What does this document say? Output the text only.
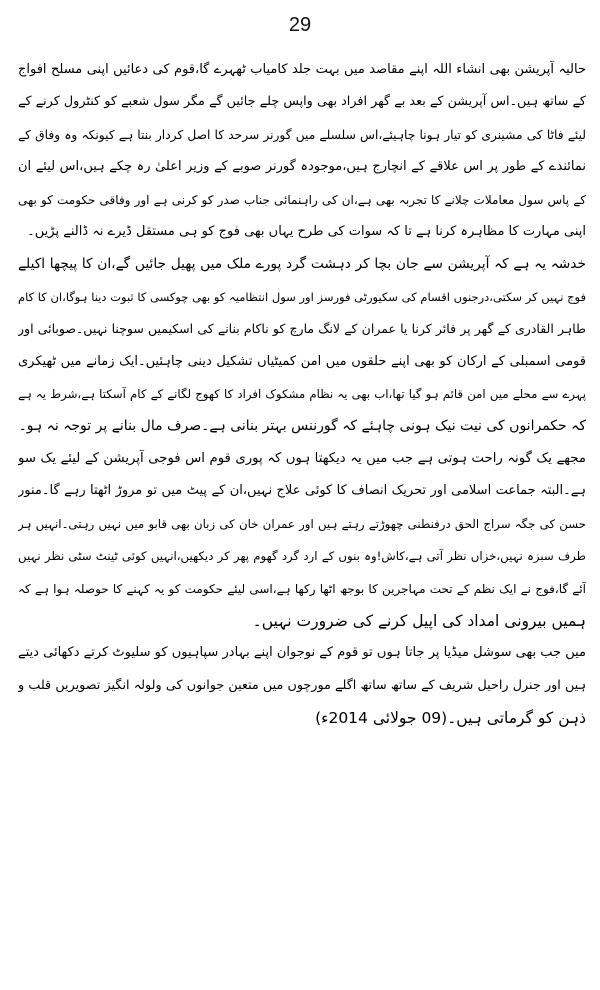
29

حالیہ آپریشن بھی انشاء اللہ اپنے مقاصد میں بہت جلد کامیاب ٹھہرے گا،قوم کی دعائیں اپنی مسلح افواج
کے ساتھ ہیں۔اس آپریشن کے بعد بے گھر افراد بھی واپس چلے جائیں گے مگر سول شعبے کو کنٹرول کرنے کے
لیئے فاٹا کی مشینری کو تیار ہونا چاہیئے،اس سلسلے میں گورنر سرحد کا اصل کردار بنتا ہے کیونکہ وہ وفاق کے
نمائندے کے طور پر اس علاقے کے انچارج ہیں،موجودہ گورنر صوبے کے وزیر اعلیٰ رہ چکے ہیں،اس لیئے ان
کے پاس سول معاملات چلانے کا تجربہ بھی ہے،ان کی راہنمائی جناب صدر کو کرنی ہے اور وفاقی حکومت کو بھی
اپنی مہارت کا مظاہرہ کرنا ہے تا کہ سوات کی طرح یہاں بھی فوج کو ہی مستقل ڈیرے نہ ڈالنے پڑیں۔

خدشہ یہ ہے کہ آپریشن سے جان بچا کر دہشت گرد پورے ملک میں پھیل جائیں گے،ان کا پیچھا اکیلے
فوج نہیں کر سکتی،درجنوں اقسام کی سکیورٹی فورسز اور سول انتظامیہ کو بھی چوکسی کا ثبوت دینا ہوگا،ان کا کام
طاہر القادری کے گھر پر فائر کرنا یا عمران کے لانگ مارچ کو ناکام بنانے کی اسکیمیں سوچنا نہیں۔صوبائی اور
قومی اسمبلی کے ارکان کو بھی اپنے حلقوں میں امن کمیٹیاں تشکیل دینی چاہئیں۔ایک زمانے میں ٹھیکری
پہرے سے محلے میں امن قائم ہو گیا تھا،اب بھی یہ نظام مشکوک افراد کا کھوج لگانے کے کام آسکتا ہے،شرط یہ ہے
کہ حکمرانوں کی نیت نیک ہونی چاہئے کہ گورننس بہتر بنانی ہے۔صرف مال بنانے پر توجہ نہ ہو۔

مجھے یک گونہ راحت ہوتی ہے جب میں یہ دیکھتا ہوں کہ پوری قوم اس فوجی آپریشن کے لیئے یک سو
ہے۔البتہ جماعت اسلامی اور تحریک انصاف کا کوئی علاج نہیں،ان کے پیٹ میں تو مروڑ اٹھتا رہے گا۔منور
حسن کی جگہ سراج الحق درفنطنی چھوڑتے رہتے ہیں اور عمران خان کی زبان بھی قابو میں نہیں رہتی۔انہیں ہر
طرف سبزہ نہیں،خزاں نظر آتی ہے،کاش!وہ بنوں کے ارد گرد گھوم پھر کر دیکھیں،انہیں کوئی ٹینٹ سٹی نظر نہیں
آئے گا،فوج نے ایک نظم کے تحت مہاجرین کا بوجھ اٹھا رکھا ہے،اسی لیئے حکومت کو یہ کہنے کا حوصلہ ہوا ہے کہ
ہمیں بیرونی امداد کی اپیل کرنے کی ضرورت نہیں۔

میں جب بھی سوشل میڈیا پر جاتا ہوں تو قوم کے نوجوان اپنے بہادر سپاہیوں کو سلیوٹ کرتے دکھائی دیتے
ہیں اور جنرل راحیل شریف کے ساتھ ساتھ اگلے مورچوں میں متعین جوانوں کی ولولہ انگیز تصویریں قلب و
ذہن کو گرماتی ہیں۔(09 جولائی 2014ء)
